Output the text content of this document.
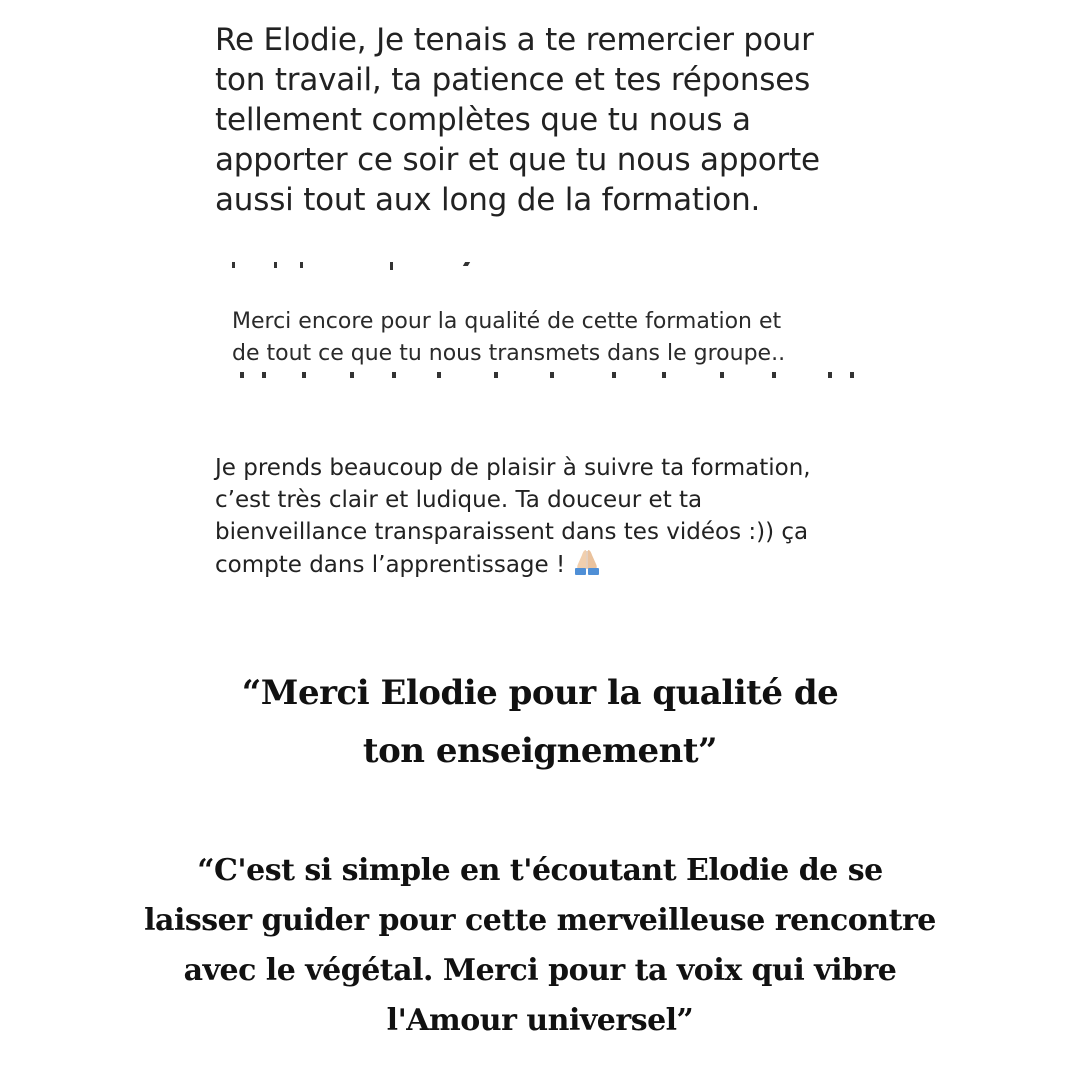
Re Elodie, Je tenais a te remercier pour
ton travail, ta patience et tes réponses
tellement complètes que tu nous a
apporter ce soir et que tu nous apporte
aussi tout aux long de la formation.

Merci encore pour la qualité de cette formation et
de tout ce que tu nous transmets dans le groupe..

Je prends beaucoup de plaisir à suivre ta formation,
c’est très clair et ludique. Ta douceur et ta
bienveillance transparaissent dans tes vidéos :)) ça
compte dans l’apprentissage !

“Merci Elodie pour la qualité de ton enseignement”

“C'est si simple en t'écoutant Elodie de se laisser guider pour cette merveilleuse rencontre avec le végétal. Merci pour ta voix qui vibre l'Amour universel”
